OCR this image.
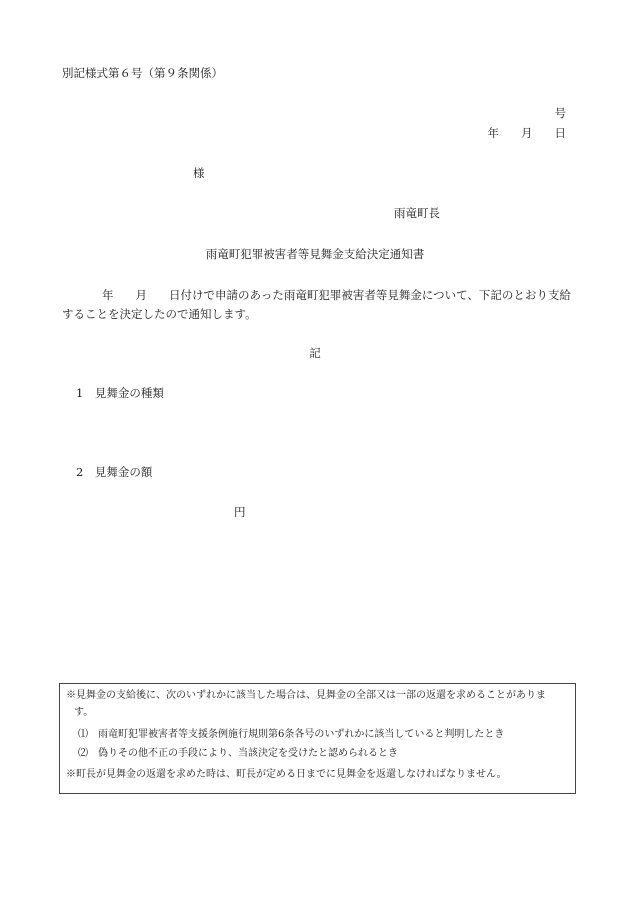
別記様式第６号（第９条関係）
号
年 月 日
様
雨竜町長
雨竜町犯罪被害者等見舞金支給決定通知書
年 月 日付けで申請のあった雨竜町犯罪被害者等見舞金について、下記のとおり支給
することを決定したので通知します。
記
1　見舞金の種類
2　見舞金の額
円
※見舞金の支給後に、次のいずれかに該当した場合は、見舞金の全部又は一部の返還を求めることがありま
す。
⑴　雨竜町犯罪被害者等支援条例施行規則第6条各号のいずれかに該当していると判明したとき
⑵　偽りその他不正の手段により、当該決定を受けたと認められるとき
※町長が見舞金の返還を求めた時は、町長が定める日までに見舞金を返還しなければなりません。
